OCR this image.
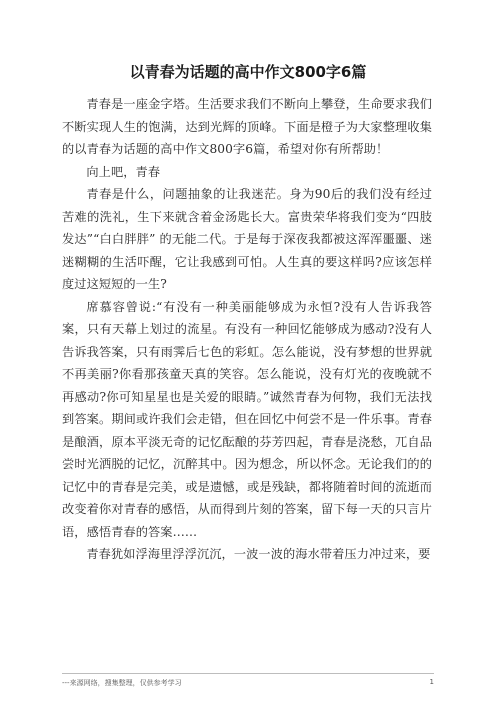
以青春为话题的高中作文800字6篇

青春是一座金字塔。生活要求我们不断向上攀登，生命要求我们不断实现人生的饱满，达到光辉的顶峰。下面是橙子为大家整理收集的以青春为话题的高中作文800字6篇，希望对你有所帮助！

向上吧，青春

青春是什么，问题抽象的让我迷茫。身为90后的我们没有经过苦难的洗礼，生下来就含着金汤匙长大。富贵荣华将我们变为“四肢发达”“白白胖胖” 的无能二代。于是每于深夜我都被这浑浑噩噩、迷迷糊糊的生活吓醒，它让我感到可怕。人生真的要这样吗?应该怎样度过这短短的一生?

席慕容曾说:“有没有一种美丽能够成为永恒?没有人告诉我答案，只有天幕上划过的流星。有没有一种回忆能够成为感动?没有人告诉我答案，只有雨霁后七色的彩虹。怎么能说，没有梦想的世界就不再美丽?你看那孩童天真的笑容。怎么能说，没有灯光的夜晚就不再感动?你可知星星也是关爱的眼睛。”诚然青春为何物，我们无法找到答案。期间或许我们会走错，但在回忆中何尝不是一件乐事。青春是酿酒，原本平淡无奇的记忆酝酿的芬芳四起，青春是浇愁，兀自品尝时光洒脱的记忆，沉醉其中。因为想念，所以怀念。无论我们的的记忆中的青春是完美，或是遗憾，或是残缺，都将随着时间的流逝而改变着你对青春的感悟，从而得到片刻的答案，留下每一天的只言片语，感悟青春的答案……

青春犹如浮海里浮浮沉沉，一波一波的海水带着压力冲过来，要

---来源网络，搜集整理，仅供参考学习	1
